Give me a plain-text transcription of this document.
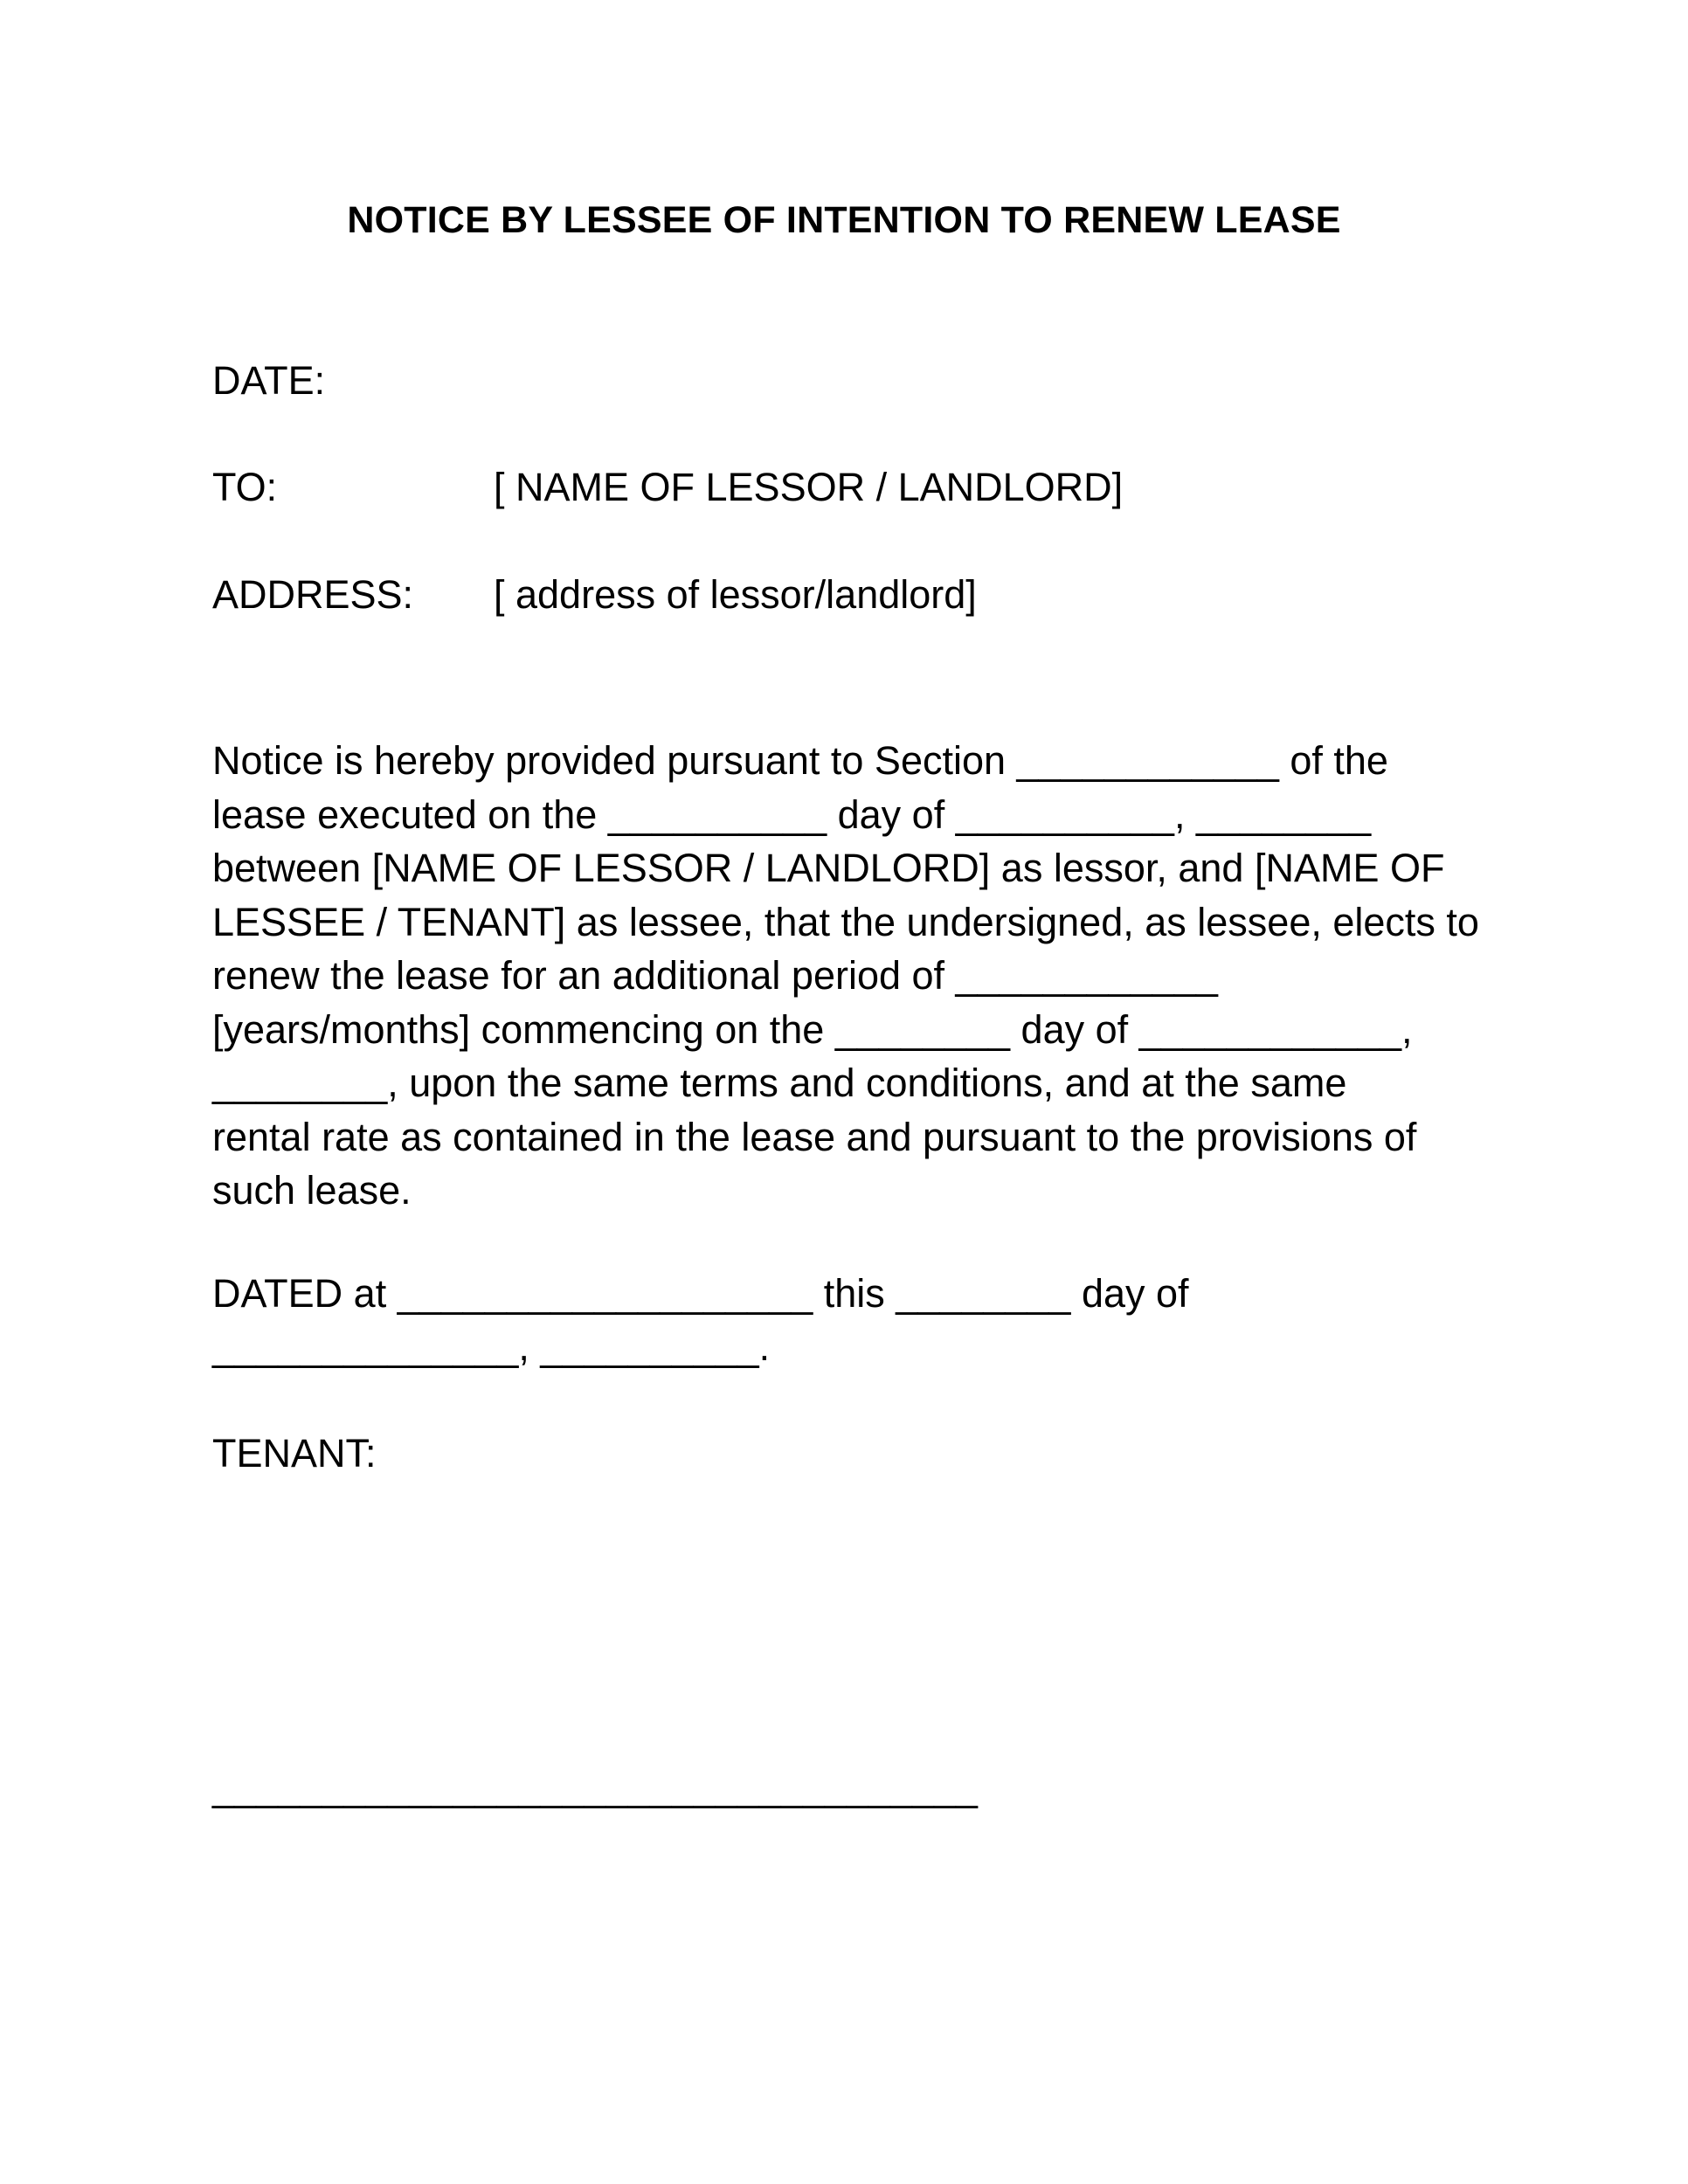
NOTICE BY LESSEE OF INTENTION TO RENEW LEASE
DATE:
TO:	[ NAME OF LESSOR / LANDLORD]
ADDRESS: [ address of lessor/landlord]
Notice is hereby provided pursuant to Section ____________ of the
lease executed on the __________ day of __________, ________
between [NAME OF LESSOR / LANDLORD] as lessor, and [NAME OF
LESSEE / TENANT] as lessee, that the undersigned, as lessee, elects to
renew the lease for an additional period of ____________
[years/months] commencing on the ________ day of ____________,
________, upon the same terms and conditions, and at the same
rental rate as contained in the lease and pursuant to the provisions of
such lease.
DATED at ___________________ this ________ day of
______________, __________.
TENANT:
___________________________________
